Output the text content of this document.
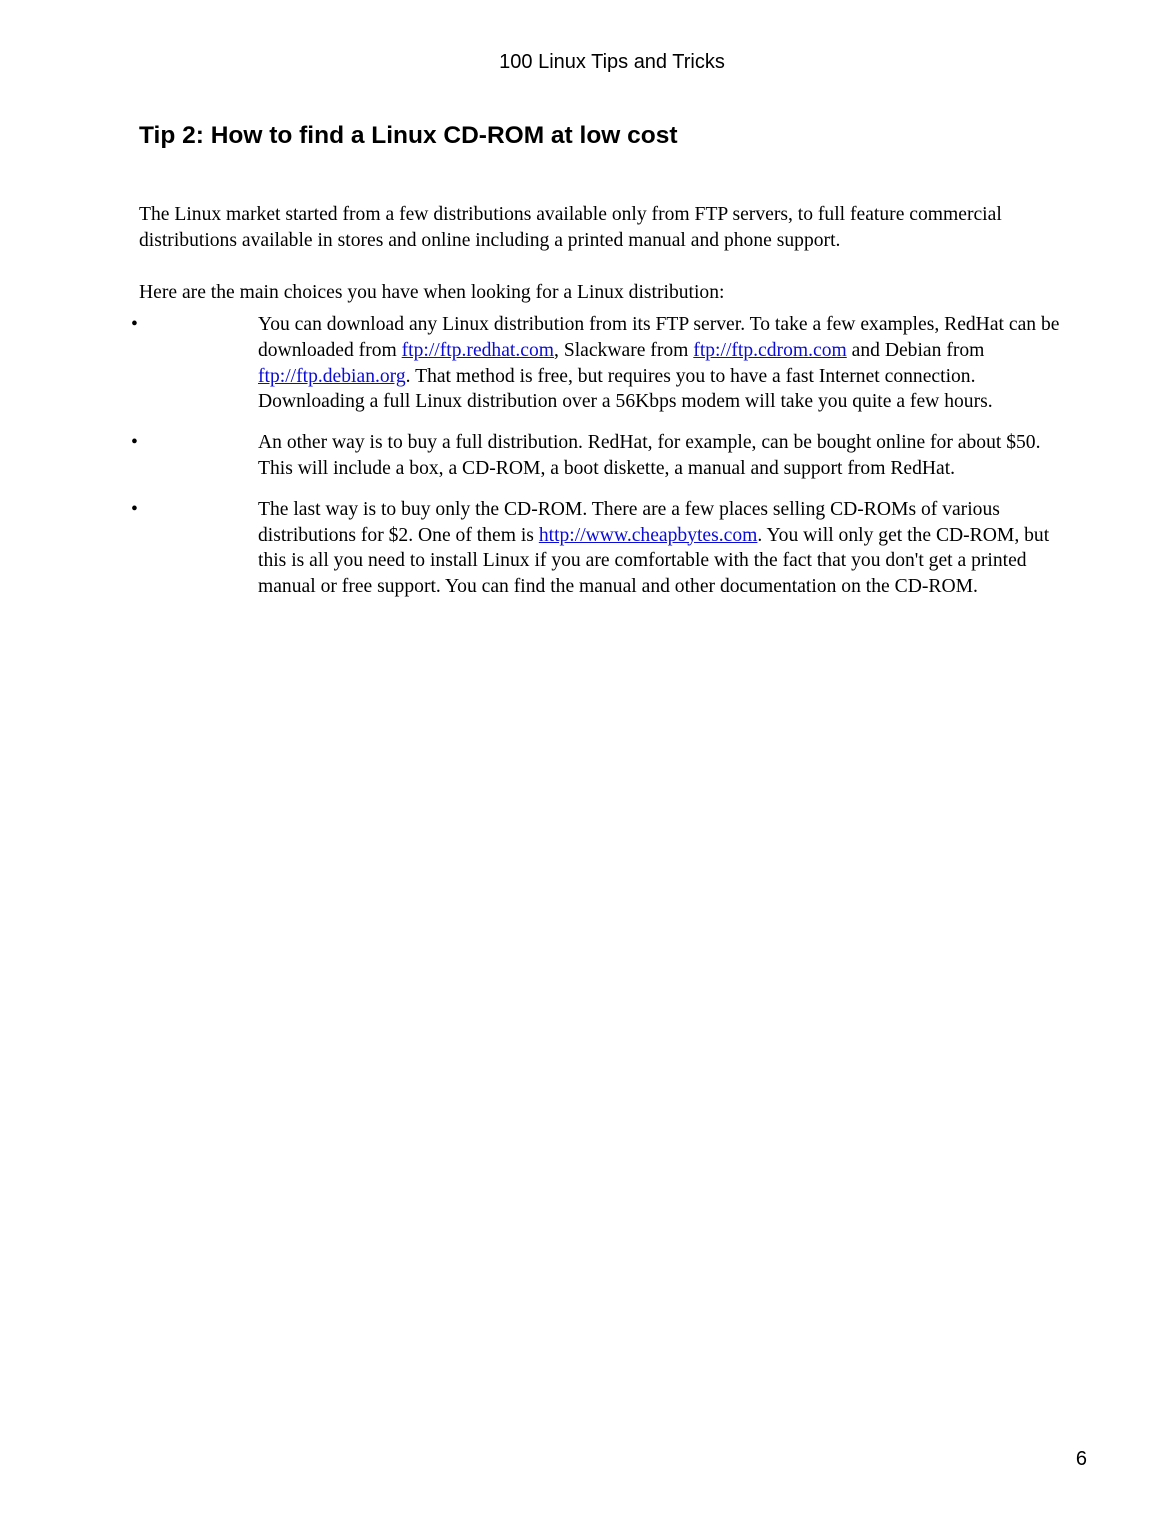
100 Linux Tips and Tricks
Tip 2: How to find a Linux CD-ROM at low cost

The Linux market started from a few distributions available only from FTP servers, to full feature commercial distributions available in stores and online including a printed manual and phone support.

Here are the main choices you have when looking for a Linux distribution:

•	You can download any Linux distribution from its FTP server. To take a few examples, RedHat can be downloaded from ftp://ftp.redhat.com, Slackware from ftp://ftp.cdrom.com and Debian from ftp://ftp.debian.org. That method is free, but requires you to have a fast Internet connection. Downloading a full Linux distribution over a 56Kbps modem will take you quite a few hours.

•	An other way is to buy a full distribution. RedHat, for example, can be bought online for about $50. This will include a box, a CD-ROM, a boot diskette, a manual and support from RedHat.

•	The last way is to buy only the CD-ROM. There are a few places selling CD-ROMs of various distributions for $2. One of them is http://www.cheapbytes.com. You will only get the CD-ROM, but this is all you need to install Linux if you are comfortable with the fact that you don't get a printed manual or free support. You can find the manual and other documentation on the CD-ROM.

6
